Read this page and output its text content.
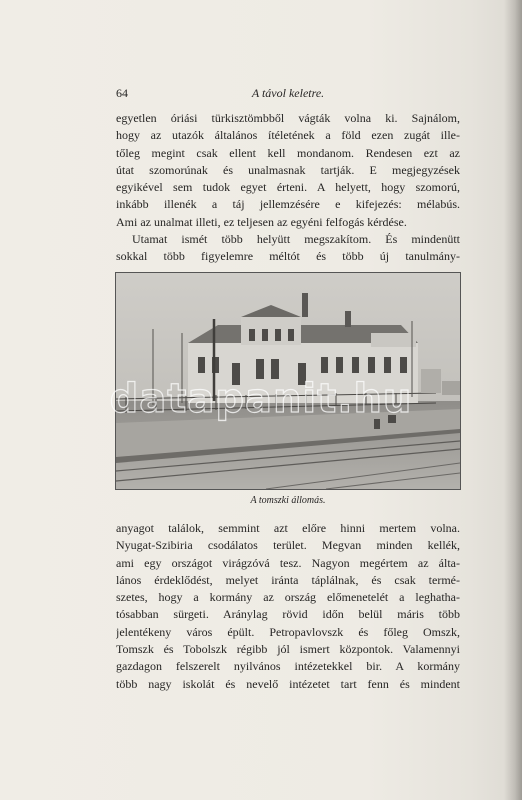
64	A távol keletre.
egyetlen óriási türkisztömbből vágták volna ki. Sajnálom,
hogy az utazók általános ítéletének a föld ezen zugát ille-
tőleg megint csak ellent kell mondanom. Rendesen ezt az
útat szomorúnak és unalmasnak tartják. E megjegyzések
egyikével sem tudok egyet érteni. A helyett, hogy szomorú,
inkább illenék a táj jellemzésére e kifejezés: mélabús.
Ami az unalmat illeti, ez teljesen az egyéni felfogás kérdése.
Utamat ismét több helyütt megszakítom. És mindenütt
sokkal több figyelemre méltót és több új tanulmány-
A tomszki állomás.
anyagot találok, semmint azt előre hinni mertem volna.
Nyugat-Szibiria csodálatos terület. Megvan minden kellék,
ami egy országot virágzóvá tesz. Nagyon megértem az álta-
lános érdeklődést, melyet iránta táplálnak, és csak termé-
szetes, hogy a kormány az ország előmenetelét a leghatha-
tósabban sürgeti. Aránylag rövid időn belül máris több
jelentékeny város épült. Petropavlovszk és főleg Omszk,
Tomszk és Tobolszk régibb jól ismert központok. Valamennyi
gazdagon felszerelt nyilvános intézetekkel bir. A kormány
több nagy iskolát és nevelő intézetet tart fenn és mindent
